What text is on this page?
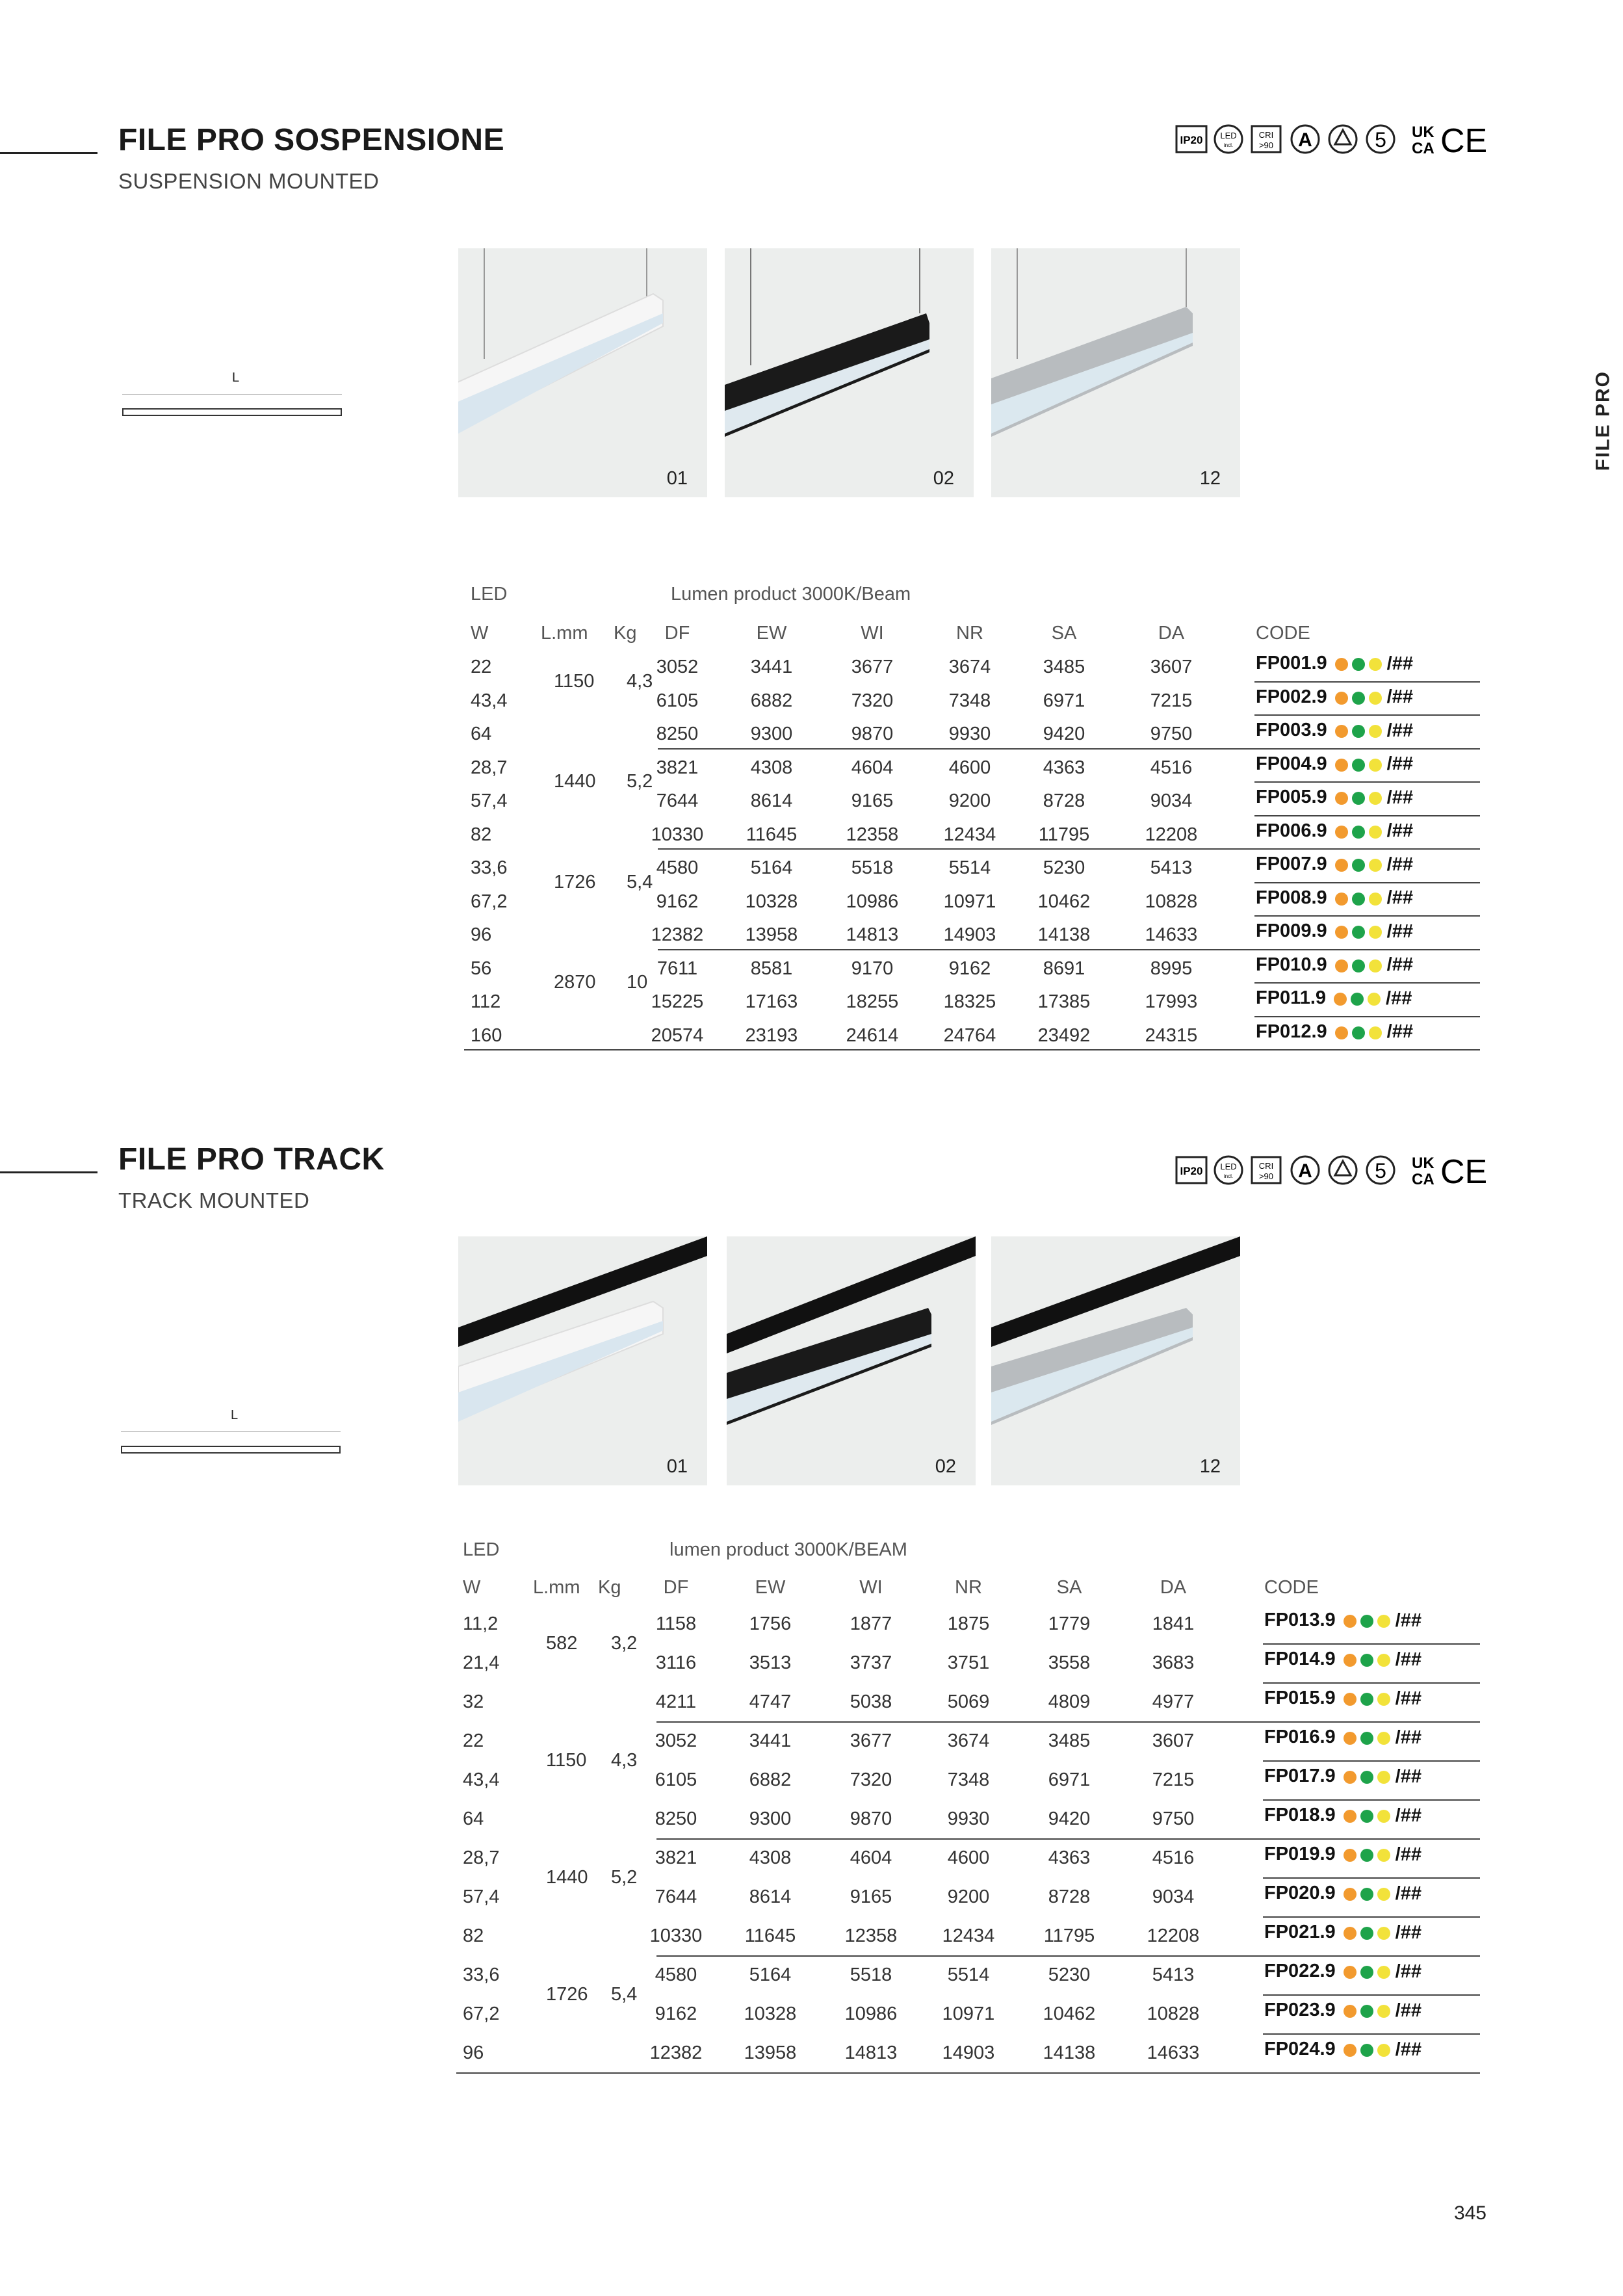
FILE PRO SOSPENSIONE
SUSPENSION MOUNTED
IP20 LED
incl.
CRI
>90 A	5 UK
CA CE
L
01	02	12
LED	Lumen product 3000K/Beam
W	L.mm Kg	DF	EW	WI	NR	SA	DA	CODE
1150 4,3
22	3052	3441	3677	3674	3485	3607	FP001.9	/##
43,4	6105	6882	7320	7348	6971	7215	FP002.9	/##
64	8250	9300	9870	9930	9420	9750	FP003.9	/##
1440 5,2
28,7	3821	4308	4604	4600	4363	4516	FP004.9	/##
57,4	7644	8614	9165	9200	8728	9034	FP005.9	/##
82	10330	11645	12358	12434	11795	12208	FP006.9	/##
1726 5,4
33,6	4580	5164	5518	5514	5230	5413	FP007.9	/##
67,2	9162	10328	10986	10971	10462	10828	FP008.9	/##
96	12382	13958	14813	14903	14138	14633	FP009.9	/##
2870 10
56	7611	8581	9170	9162	8691	8995	FP010.9	/##
112	15225	17163	18255	18325	17385	17993	FP011.9	/##
160	20574	23193	24614	24764	23492	24315	FP012.9	/##
FILE PRO TRACK
TRACK MOUNTED
IP20 LED
incl.
CRI
>90 A	5 UK
CA CE
L
01	02	12
LED	lumen product 3000K/BEAM
W	L.mm Kg	DF	EW	WI	NR	SA	DA	CODE
582 3,2
11,2	1158	1756	1877	1875	1779	1841	FP013.9	/##
21,4	3116	3513	3737	3751	3558	3683	FP014.9	/##
32	4211	4747	5038	5069	4809	4977	FP015.9	/##
1150 4,3
22	3052	3441	3677	3674	3485	3607	FP016.9	/##
43,4	6105	6882	7320	7348	6971	7215	FP017.9	/##
64	8250	9300	9870	9930	9420	9750	FP018.9	/##
1440 5,2
28,7	3821	4308	4604	4600	4363	4516	FP019.9	/##
57,4	7644	8614	9165	9200	8728	9034	FP020.9	/##
82	10330	11645	12358	12434	11795	12208	FP021.9	/##
1726 5,4
33,6	4580	5164	5518	5514	5230	5413	FP022.9	/##
67,2	9162	10328	10986	10971	10462	10828	FP023.9	/##
96	12382	13958	14813	14903	14138	14633	FP024.9	/##
FILE PRO
345
